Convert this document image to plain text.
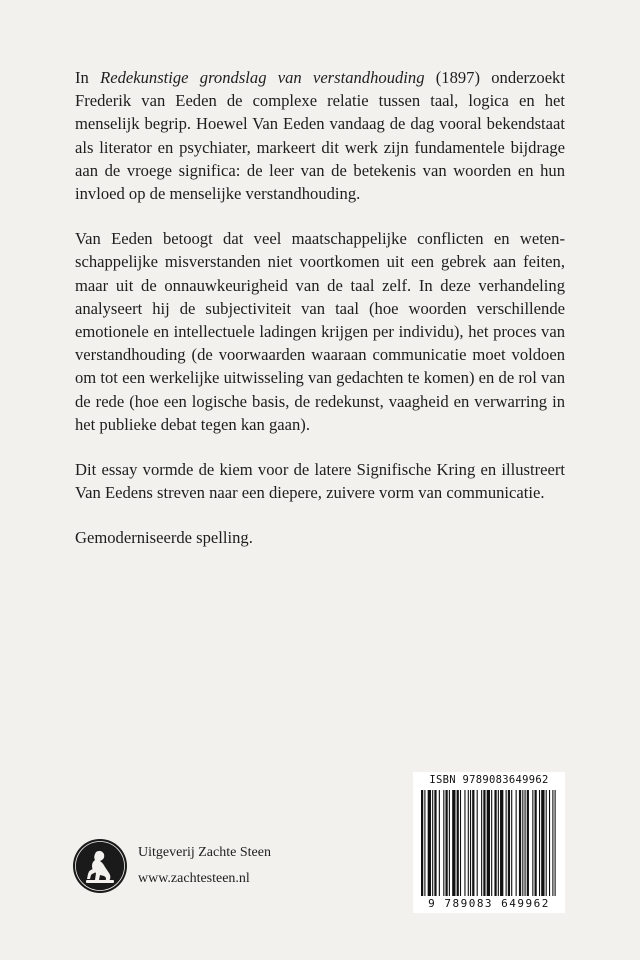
In Redekunstige grondslag van verstandhouding (1897) onderzoekt Frederik van Eeden de complexe relatie tussen taal, logica en het menselijk begrip. Hoewel Van Eeden vandaag de dag vooral bekendstaat als literator en psychiater, markeert dit werk zijn fundamentele bijdrage aan de vroege significa: de leer van de betekenis van woorden en hun invloed op de menselijke verstandhouding.

Van Eeden betoogt dat veel maatschappelijke conflicten en wetenschappelijke misverstanden niet voortkomen uit een gebrek aan feiten, maar uit de onnauwkeurigheid van de taal zelf. In deze verhandeling analyseert hij de subjectiviteit van taal (hoe woorden verschillende emotionele en intellectuele ladingen krijgen per individu), het proces van verstandhouding (de voorwaarden waaraan communicatie moet voldoen om tot een werkelijke uitwisseling van gedachten te komen) en de rol van de rede (hoe een logische basis, de redekunst, vaagheid en verwarring in het publieke debat tegen kan gaan).

Dit essay vormde de kiem voor de latere Signifische Kring en illustreert Van Eedens streven naar een diepere, zuivere vorm van communicatie.

Gemoderniseerde spelling.

Uitgeverij Zachte Steen
www.zachtesteen.nl
ISBN 9789083649962
9 789083 649962
